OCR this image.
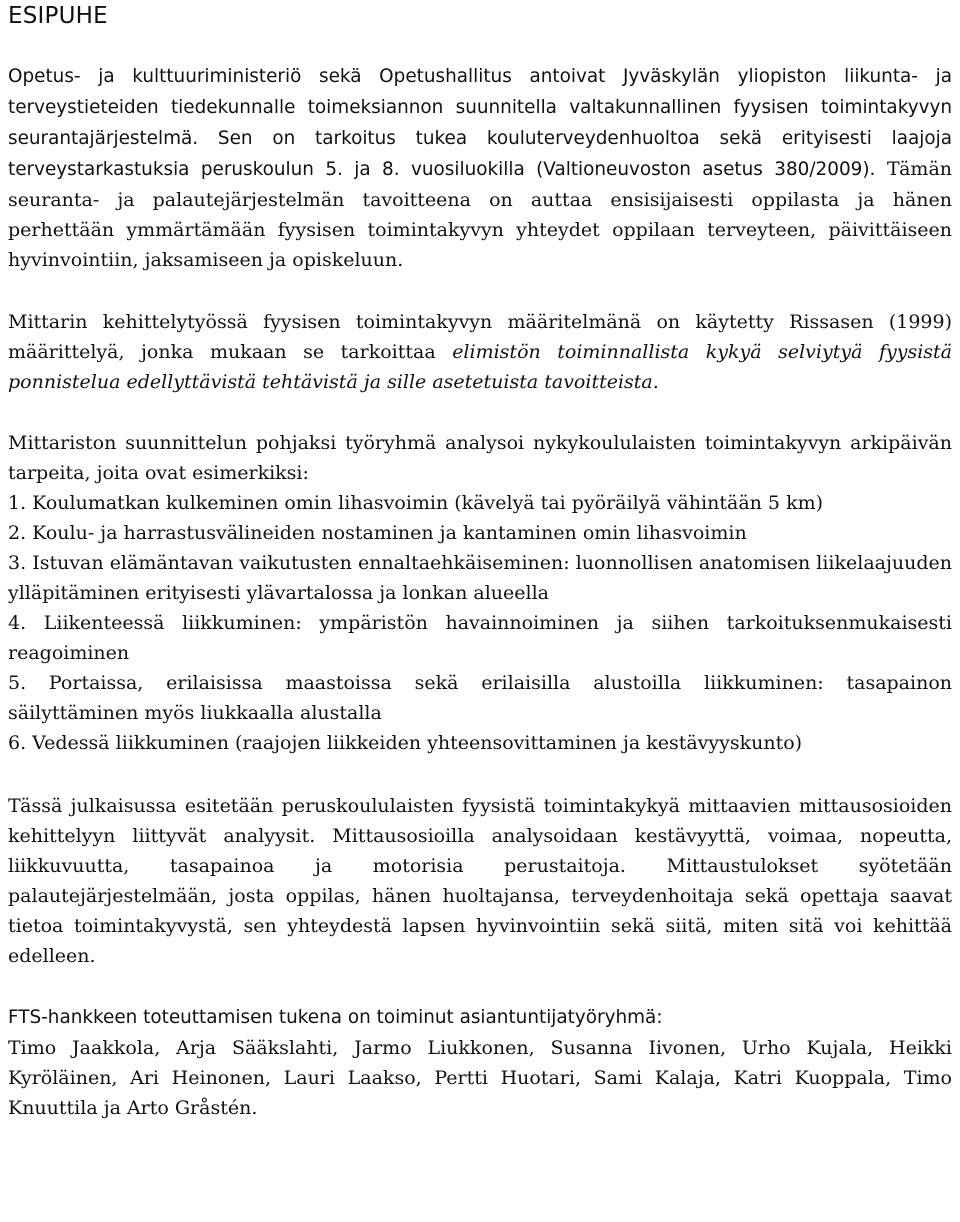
ESIPUHE

Opetus- ja kulttuuriministeriö sekä Opetushallitus antoivat Jyväskylän yliopiston liikunta- ja terveystieteiden tiedekunnalle toimeksiannon suunnitella valtakunnallinen fyysisen toimintakyvyn seurantajärjestelmä. Sen on tarkoitus tukea kouluterveydenhuoltoa sekä erityisesti laajoja terveystarkastuksia peruskoulun 5. ja 8. vuosiluokilla (Valtioneuvoston asetus 380/2009). Tämän seuranta- ja palautejärjestelmän tavoitteena on auttaa ensisijaisesti oppilasta ja hänen perhettään ymmärtämään fyysisen toimintakyvyn yhteydet oppilaan terveyteen, päivittäiseen hyvinvointiin, jaksamiseen ja opiskeluun.

Mittarin kehittelytyössä fyysisen toimintakyvyn määritelmänä on käytetty Rissasen (1999) määrittelyä, jonka mukaan se tarkoittaa elimistön toiminnallista kykyä selviytyä fyysistä ponnistelua edellyttävistä tehtävistä ja sille asetetuista tavoitteista.

Mittariston suunnittelun pohjaksi työryhmä analysoi nykykoululaisten toimintakyvyn arkipäivän tarpeita, joita ovat esimerkiksi:

1. Koulumatkan kulkeminen omin lihasvoimin (kävelyä tai pyöräilyä vähintään 5 km)
2. Koulu- ja harrastusvälineiden nostaminen ja kantaminen omin lihasvoimin
3. Istuvan elämäntavan vaikutusten ennaltaehkäiseminen: luonnollisen anatomisen liikelaajuuden ylläpitäminen erityisesti ylävartalossa ja lonkan alueella
4. Liikenteessä liikkuminen: ympäristön havainnoiminen ja siihen tarkoituksenmukaisesti reagoiminen
5. Portaissa, erilaisissa maastoissa sekä erilaisilla alustoilla liikkuminen: tasapainon säilyttäminen myös liukkaalla alustalla
6. Vedessä liikkuminen (raajojen liikkeiden yhteensovittaminen ja kestävyyskunto)

Tässä julkaisussa esitetään peruskoululaisten fyysistä toimintakykyä mittaavien mittausosioiden kehittelyyn liittyvät analyysit. Mittausosioilla analysoidaan kestävyyttä, voimaa, nopeutta, liikkuvuutta, tasapainoa ja motorisia perustaitoja. Mittaustulokset syötetään palautejärjestelmään, josta oppilas, hänen huoltajansa, terveydenhoitaja sekä opettaja saavat tietoa toimintakyvystä, sen yhteydestä lapsen hyvinvointiin sekä siitä, miten sitä voi kehittää edelleen.

FTS-hankkeen toteuttamisen tukena on toiminut asiantuntijatyöryhmä:

Timo Jaakkola, Arja Sääkslahti, Jarmo Liukkonen, Susanna Iivonen, Urho Kujala, Heikki Kyröläinen, Ari Heinonen, Lauri Laakso, Pertti Huotari, Sami Kalaja, Katri Kuoppala, Timo Knuuttila ja Arto Gråstén.
